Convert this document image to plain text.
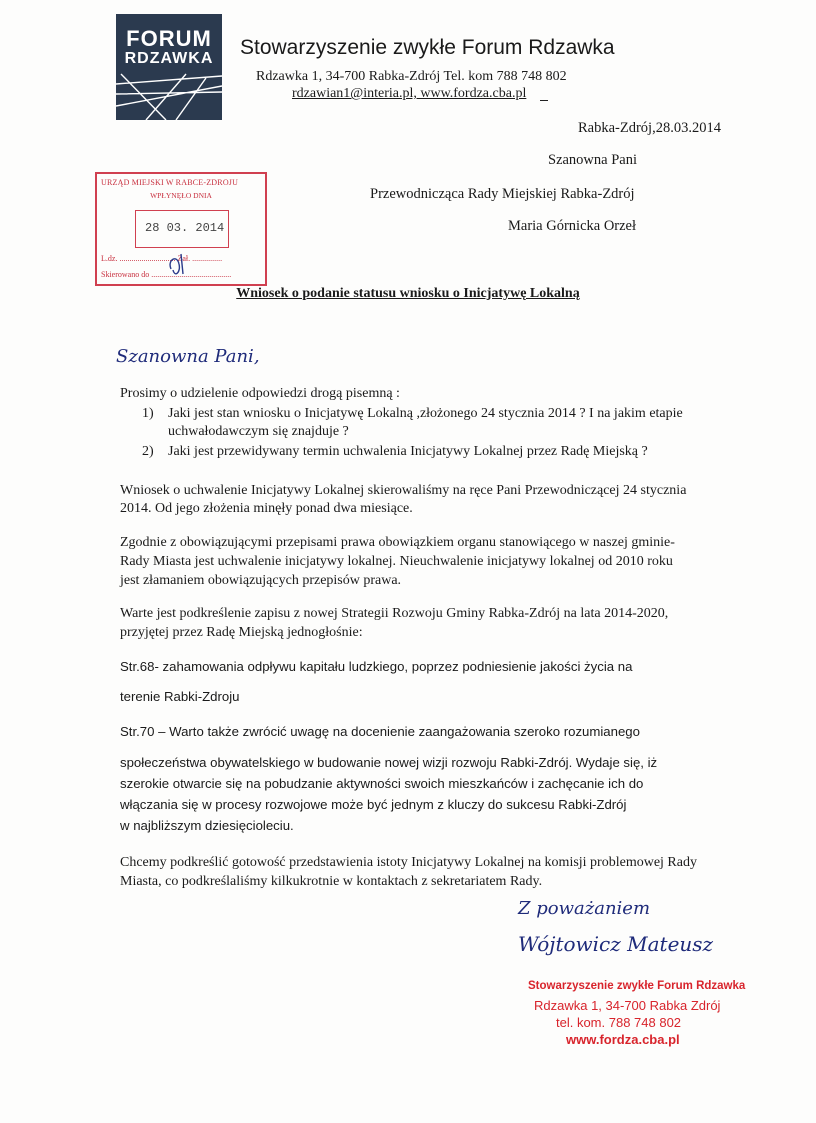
FORUM
RDZAWKA	Stowarzyszenie zwykłe Forum Rdzawka
Rdzawka 1, 34-700 Rabka-Zdrój Tel. kom 788 748 802
rdzawian1@interia.pl, www.fordza.cba.pl
Rabka-Zdrój,28.03.2014
Szanowna Pani
Przewodnicząca Rady Miejskiej Rabka-Zdrój
Maria Górnicka Orzeł
URZĄD MIEJSKI W RABCE-ZDROJU
WPŁYNĘŁO DNIA
28 03. 2014
L.dz. ............................ Zał. ...............
Skierowano do ........................................
Wniosek o podanie statusu wniosku o Inicjatywę Lokalną
Szanowna Pani,
Prosimy o udzielenie odpowiedzi drogą pisemną :
1) Jaki jest stan wniosku o Inicjatywę Lokalną ,złożonego 24 stycznia 2014 ? I na jakim etapie
uchwałodawczym się znajduje ?
2) Jaki jest przewidywany termin uchwalenia Inicjatywy Lokalnej przez Radę Miejską ?
Wniosek o uchwalenie Inicjatywy Lokalnej skierowaliśmy na ręce Pani Przewodniczącej 24 stycznia
2014. Od jego złożenia minęły ponad dwa miesiące.
Zgodnie z obowiązującymi przepisami prawa obowiązkiem organu stanowiącego w naszej gminie-
Rady Miasta jest uchwalenie inicjatywy lokalnej. Nieuchwalenie inicjatywy lokalnej od 2010 roku
jest złamaniem obowiązujących przepisów prawa.
Warte jest podkreślenie zapisu z nowej Strategii Rozwoju Gminy Rabka-Zdrój na lata 2014-2020,
przyjętej przez Radę Miejską jednogłośnie:
Str.68- zahamowania odpływu kapitału ludzkiego, poprzez podniesienie jakości życia na
terenie Rabki-Zdroju
Str.70 – Warto także zwrócić uwagę na docenienie zaangażowania szeroko rozumianego
społeczeństwa obywatelskiego w budowanie nowej wizji rozwoju Rabki-Zdrój. Wydaje się, iż
szerokie otwarcie się na pobudzanie aktywności swoich mieszkańców i zachęcanie ich do
włączania się w procesy rozwojowe może być jednym z kluczy do sukcesu Rabki-Zdrój
w najbliższym dziesięcioleciu.
Chcemy podkreślić gotowość przedstawienia istoty Inicjatywy Lokalnej na komisji problemowej Rady
Miasta, co podkreślaliśmy kilkukrotnie w kontaktach z sekretariatem Rady.
Z poważaniem
Wójtowicz Mateusz
Stowarzyszenie zwykłe Forum Rdzawka
Rdzawka 1, 34-700 Rabka Zdrój
tel. kom. 788 748 802
www.fordza.cba.pl
